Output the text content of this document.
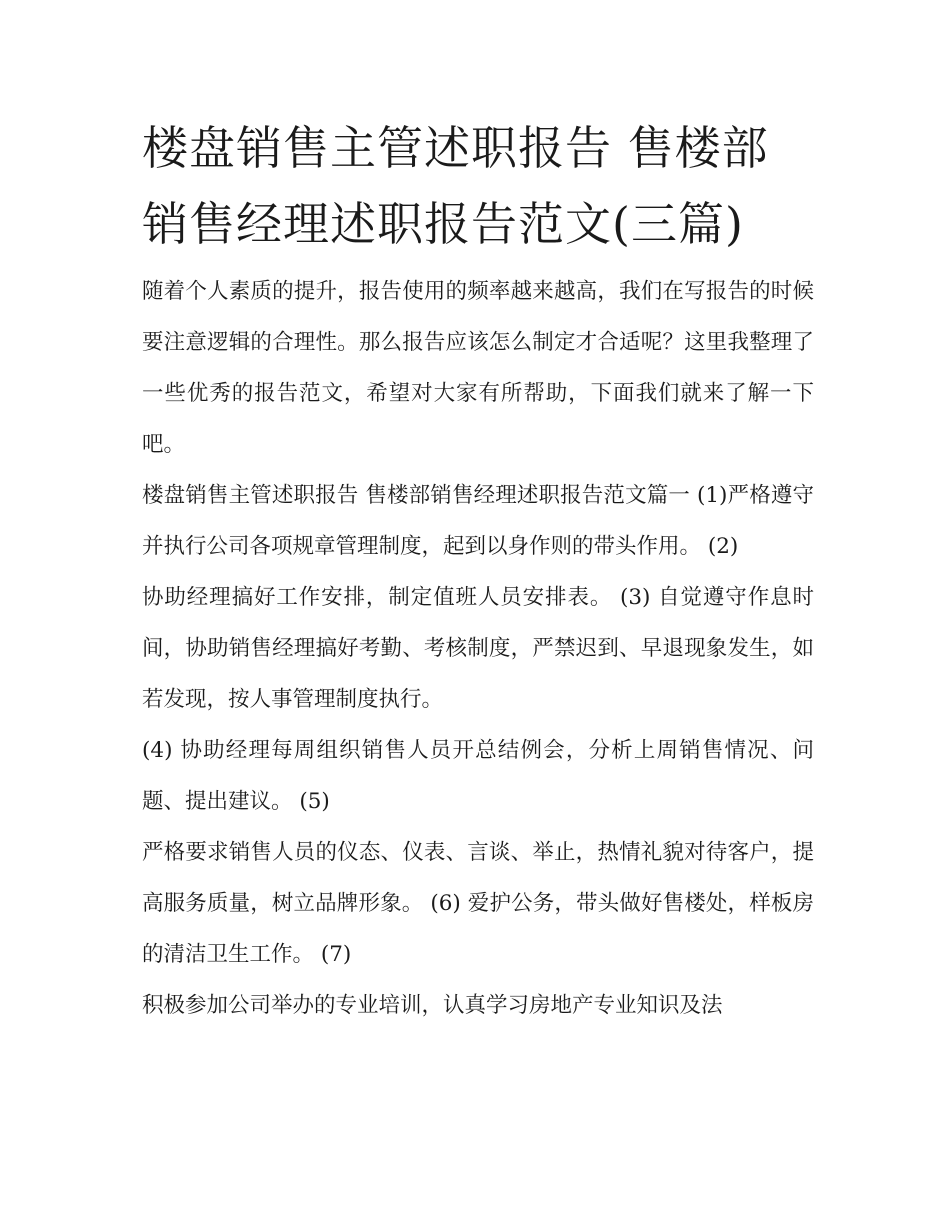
楼盘销售主管述职报告 售楼部销售经理述职报告范文(三篇)

随着个人素质的提升，报告使用的频率越来越高，我们在写报告的时候要注意逻辑的合理性。那么报告应该怎么制定才合适呢？这里我整理了一些优秀的报告范文，希望对大家有所帮助，下面我们就来了解一下吧。

楼盘销售主管述职报告 售楼部销售经理述职报告范文篇一 (1)严格遵守并执行公司各项规章管理制度，起到以身作则的带头作用。 (2)

协助经理搞好工作安排，制定值班人员安排表。 (3) 自觉遵守作息时间，协助销售经理搞好考勤、考核制度，严禁迟到、早退现象发生，如若发现，按人事管理制度执行。

(4) 协助经理每周组织销售人员开总结例会，分析上周销售情况、问题、提出建议。 (5)

严格要求销售人员的仪态、仪表、言谈、举止，热情礼貌对待客户，提高服务质量，树立品牌形象。 (6) 爱护公务，带头做好售楼处，样板房的清洁卫生工作。 (7)

积极参加公司举办的专业培训，认真学习房地产专业知识及法
